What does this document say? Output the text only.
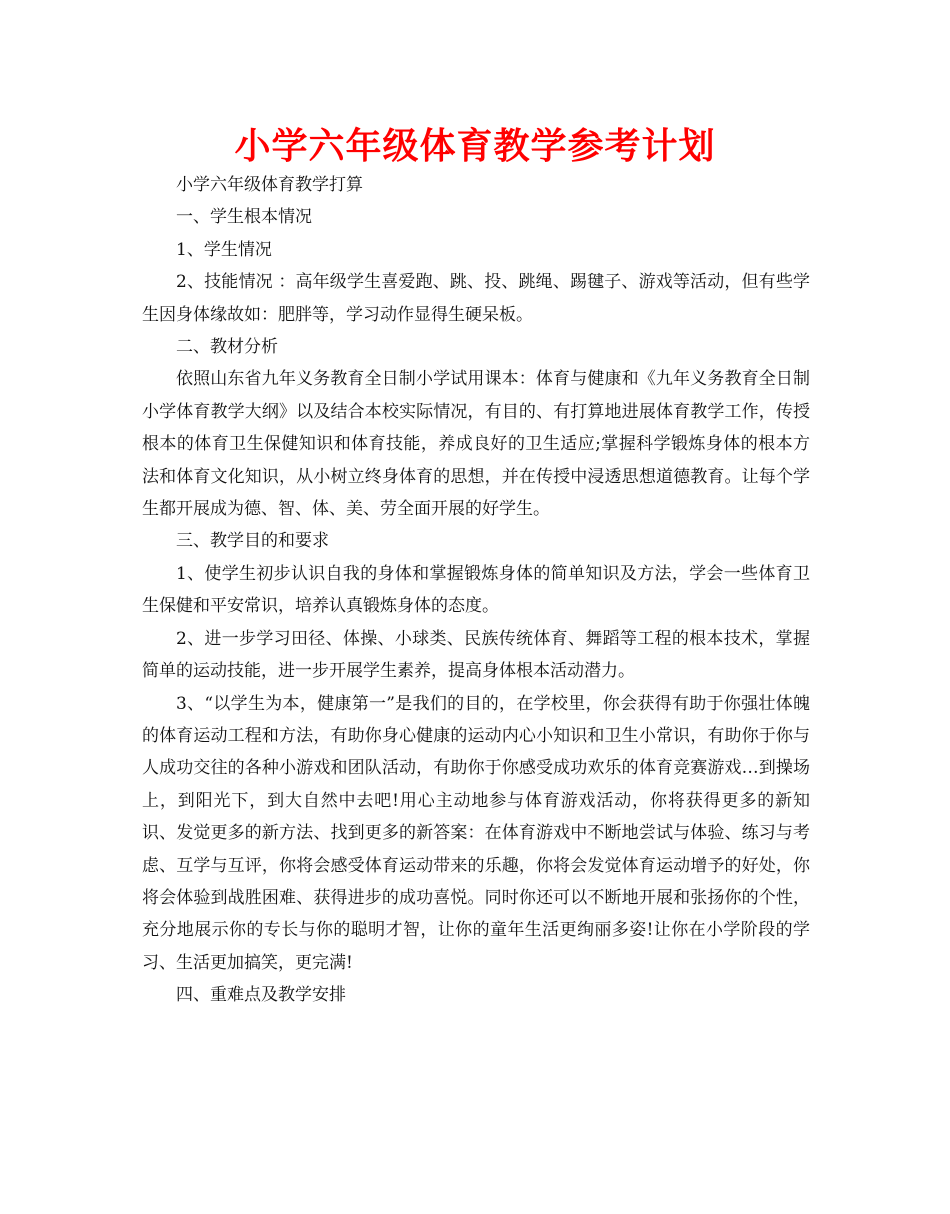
小学六年级体育教学参考计划

小学六年级体育教学打算

一、学生根本情况

1、学生情况

2、技能情况 ：高年级学生喜爱跑、跳、投、跳绳、踢毽子、游戏等活动，但有些学生因身体缘故如：肥胖等，学习动作显得生硬呆板。

二、教材分析

依照山东省九年义务教育全日制小学试用课本：体育与健康和《九年义务教育全日制小学体育教学大纲》以及结合本校实际情况，有目的、有打算地进展体育教学工作，传授根本的体育卫生保健知识和体育技能，养成良好的卫生适应;掌握科学锻炼身体的根本方法和体育文化知识，从小树立终身体育的思想，并在传授中浸透思想道德教育。让每个学生都开展成为德、智、体、美、劳全面开展的好学生。

三、教学目的和要求

1、使学生初步认识自我的身体和掌握锻炼身体的简单知识及方法，学会一些体育卫生保健和平安常识，培养认真锻炼身体的态度。

2、进一步学习田径、体操、小球类、民族传统体育、舞蹈等工程的根本技术，掌握简单的运动技能，进一步开展学生素养，提高身体根本活动潜力。

3、“以学生为本，健康第一”是我们的目的，在学校里，你会获得有助于你强壮体魄的体育运动工程和方法，有助你身心健康的运动内心小知识和卫生小常识，有助你于你与人成功交往的各种小游戏和团队活动，有助你于你感受成功欢乐的体育竞赛游戏…到操场上，到阳光下，到大自然中去吧!用心主动地参与体育游戏活动，你将获得更多的新知识、发觉更多的新方法、找到更多的新答案：在体育游戏中不断地尝试与体验、练习与考虑、互学与互评，你将会感受体育运动带来的乐趣，你将会发觉体育运动增予的好处，你将会体验到战胜困难、获得进步的成功喜悦。同时你还可以不断地开展和张扬你的个性，充分地展示你的专长与你的聪明才智，让你的童年生活更绚丽多姿!让你在小学阶段的学习、生活更加搞笑，更完满!

四、重难点及教学安排
